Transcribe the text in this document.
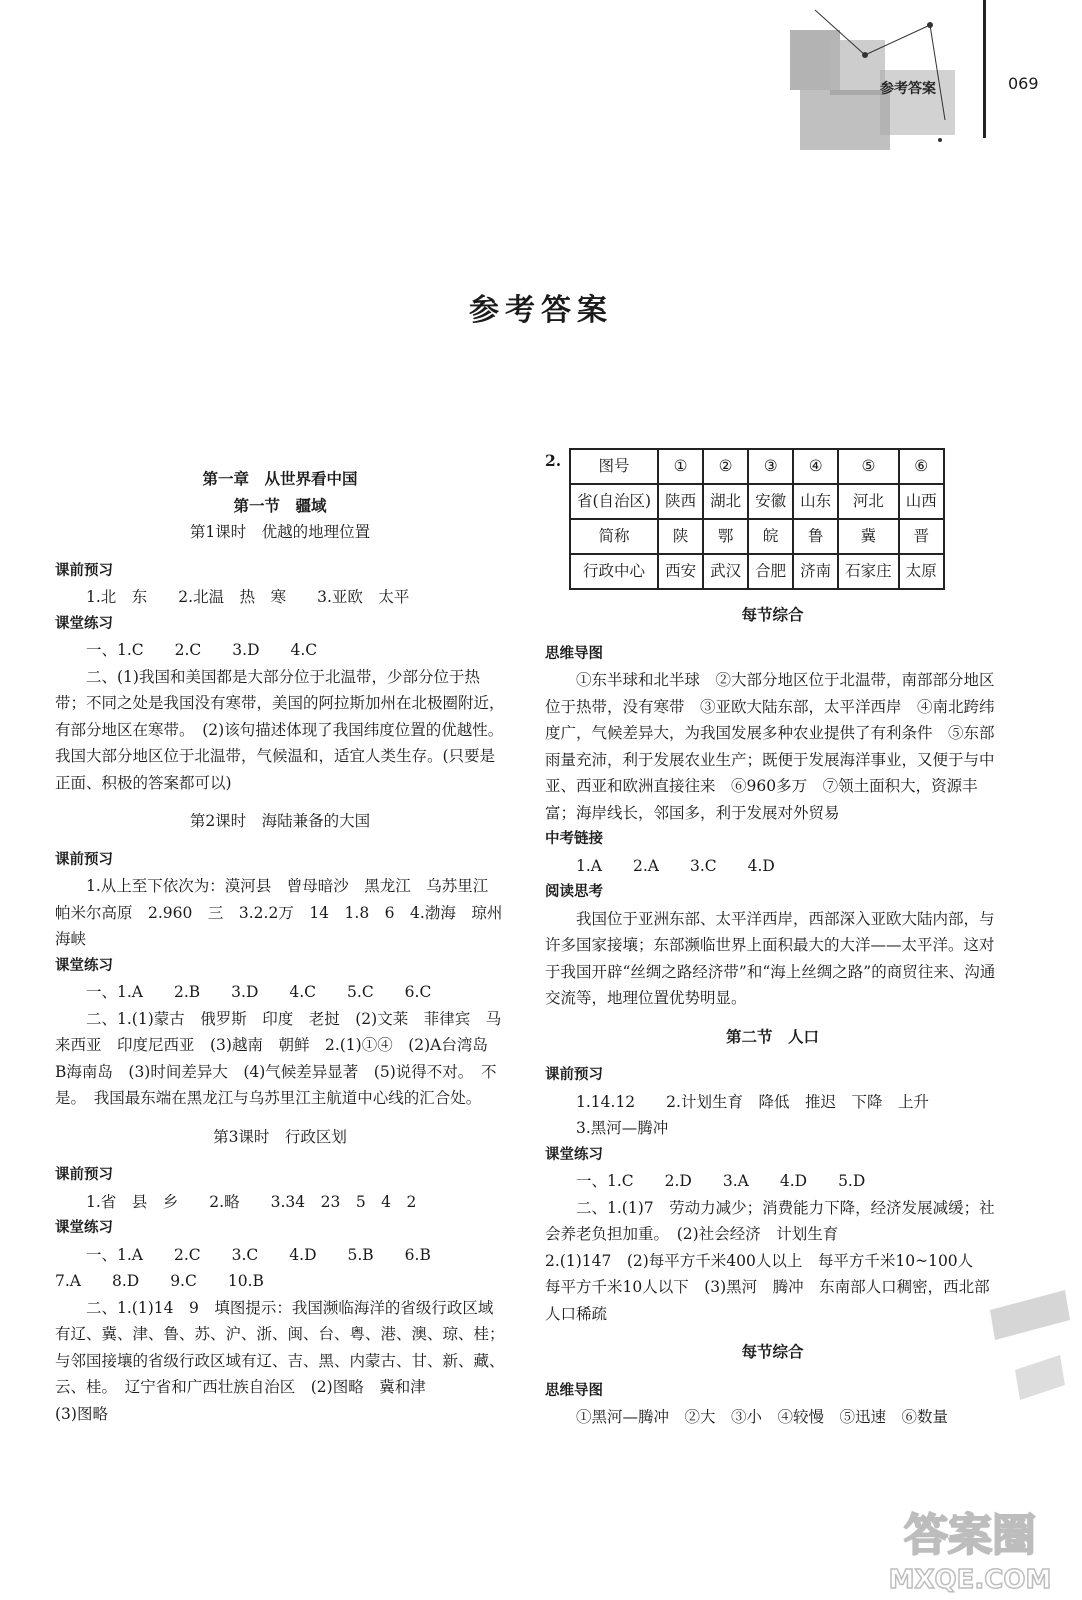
参考答案	069
参考答案

第一章　从世界看中国

第一节　疆域

第1课时　优越的地理位置

课前预习

1.北　东　　2.北温　热　寒　　3.亚欧　太平

课堂练习

一、1.C　　2.C　　3.D　　4.C

二、(1)我国和美国都是大部分位于北温带，少部分位于热带；不同之处是我国没有寒带，美国的阿拉斯加州在北极圈附近，有部分地区在寒带。　(2)该句描述体现了我国纬度位置的优越性。我国大部分地区位于北温带，气候温和，适宜人类生存。(只要是正面、积极的答案都可以)

第2课时　海陆兼备的大国

课前预习

1.从上至下依次为：漠河县　曾母暗沙　黑龙江　乌苏里江　帕米尔高原　2.960　三　3.2.2万　14　1.8　6　4.渤海　琼州海峡

课堂练习

一、1.A　　2.B　　3.D　　4.C　　5.C　　6.C

二、1.(1)蒙古　俄罗斯　印度　老挝　(2)文莱　菲律宾　马来西亚　印度尼西亚　(3)越南　朝鲜　2.(1)①④　(2)A台湾岛　B海南岛　(3)时间差异大　(4)气候差异显著　(5)说得不对。　不是。　我国最东端在黑龙江与乌苏里江主航道中心线的汇合处。

第3课时　行政区划

课前预习

1.省　县　乡　　2.略　　3.34　23　5　4　2

课堂练习

一、1.A　　2.C　　3.C　　4.D　　5.B　　6.B

7.A　　8.D　　9.C　　10.B

二、1.(1)14　9　填图提示：我国濒临海洋的省级行政区域有辽、冀、津、鲁、苏、沪、浙、闽、台、粤、港、澳、琼、桂；与邻国接壤的省级行政区域有辽、吉、黑、内蒙古、甘、新、藏、云、桂。　辽宁省和广西壮族自治区　(2)图略　冀和津

(3)图略

2. 图号	①	②	③	④	⑤	⑥
省(自治区)	陕西	湖北	安徽	山东	河北	山西
简称	陕	鄂	皖	鲁	冀	晋
行政中心	西安	武汉	合肥	济南	石家庄	太原

每节综合

思维导图

①东半球和北半球　②大部分地区位于北温带，南部部分地区位于热带，没有寒带　③亚欧大陆东部，太平洋西岸　④南北跨纬度广，气候差异大，为我国发展多种农业提供了有利条件　⑤东部雨量充沛，利于发展农业生产；既便于发展海洋事业，又便于与中亚、西亚和欧洲直接往来　⑥960多万　⑦领土面积大，资源丰富；海岸线长，邻国多，利于发展对外贸易

中考链接

1.A　　2.A　　3.C　　4.D

阅读思考

我国位于亚洲东部、太平洋西岸，西部深入亚欧大陆内部，与许多国家接壤；东部濒临世界上面积最大的大洋——太平洋。这对于我国开辟“丝绸之路经济带”和“海上丝绸之路”的商贸往来、沟通交流等，地理位置优势明显。

第二节　人口

课前预习

1.14.12　　2.计划生育　降低　推迟　下降　上升

3.黑河—腾冲

课堂练习

一、1.C　　2.D　　3.A　　4.D　　5.D

二、1.(1)7　劳动力减少；消费能力下降，经济发展减缓；社会养老负担加重。　(2)社会经济　计划生育

2.(1)147　(2)每平方千米400人以上　每平方千米10~100人　每平方千米10人以下　(3)黑河　腾冲　东南部人口稠密，西北部人口稀疏

每节综合

思维导图

①黑河—腾冲　②大　③小　④较慢　⑤迅速　⑥数量

答案圈
MXQE.COM
